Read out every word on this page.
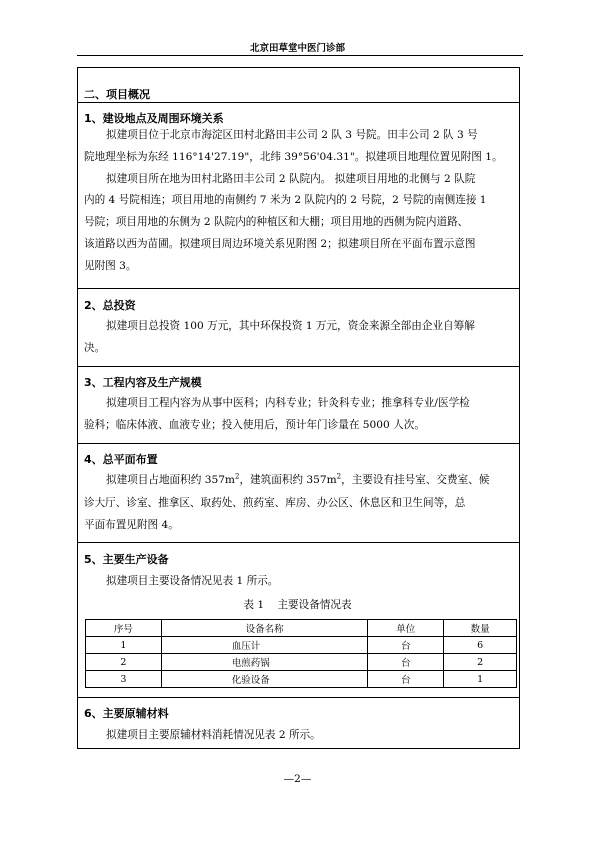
北京田草堂中医门诊部
二、项目概况
1、建设地点及周围环境关系
拟建项目位于北京市海淀区田村北路田丰公司 2 队 3 号院。田丰公司 2 队 3 号
院地理坐标为东经 116°14'27.19"，北纬 39°56'04.31"。拟建项目地理位置见附图 1。
拟建项目所在地为田村北路田丰公司 2 队院内。 拟建项目用地的北侧与 2 队院
内的 4 号院相连；项目用地的南侧约 7 米为 2 队院内的 2 号院，2 号院的南侧连接 1
号院；项目用地的东侧为 2 队院内的种植区和大棚；项目用地的西侧为院内道路、
该道路以西为苗圃。拟建项目周边环境关系见附图 2；拟建项目所在平面布置示意图
见附图 3。
2、总投资
拟建项目总投资 100 万元，其中环保投资 1 万元，资金来源全部由企业自筹解
决。
3、工程内容及生产规模
拟建项目工程内容为从事中医科；内科专业；针灸科专业；推拿科专业/医学检
验科；临床体液、血液专业；投入使用后，预计年门诊量在 5000 人次。
4、总平面布置
拟建项目占地面积约 $357m^2$，建筑面积约 $357m^2$，主要设有挂号室、交费室、候
诊大厅、诊室、推拿区、取药处、煎药室、库房、办公区、休息区和卫生间等，总
平面布置见附图 4。
5、主要生产设备
拟建项目主要设备情况见表 1 所示。
表 1 主要设备情况表
序号	设备名称	单位	数量
1	血压计	台	6
2	电煎药锅	台	2
3	化验设备	台	1
6、主要原辅材料
拟建项目主要原辅材料消耗情况见表 2 所示。
—2—
